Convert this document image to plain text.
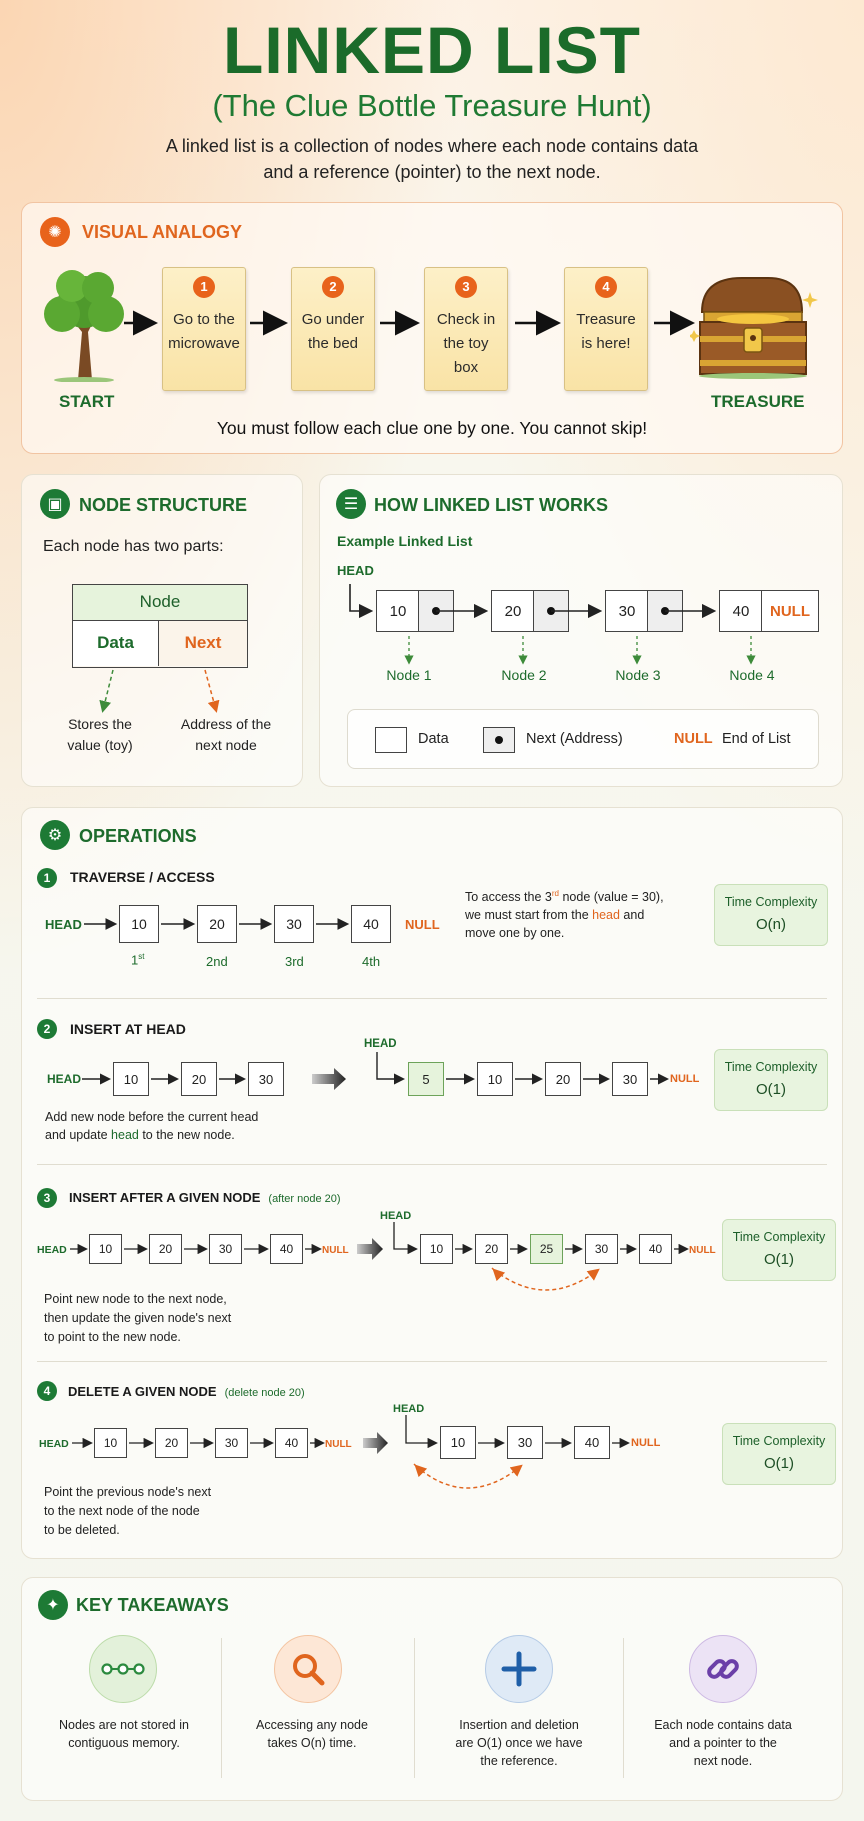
LINKED LIST
(The Clue Bottle Treasure Hunt)
A linked list is a collection of nodes where each node contains data
and a reference (pointer) to the next node.
✺	VISUAL ANALOGY
START
1
Go to the
microwave
2
Go under
the bed
3
Check in
the toy
box
4
Treasure
is here!
TREASURE
You must follow each clue one by one. You cannot skip!
▣ NODE STRUCTURE
Each node has two parts:
Node
Data	Next
Stores the
value (toy)
Address of the
next node
☰ HOW LINKED LIST WORKS
Example Linked List
HEAD
10	20	30	40	NULL
Node 1	Node 2	Node 3	Node 4
Data	Next (Address)	NULL End of List
⚙ OPERATIONS
1	TRAVERSE / ACCESS
HEAD	10	20	30	40	NULL
1st	2nd	3rd	4th
To access the 3rd node (value = 30),
we must start from the head and
move one by one.
Time Complexity
O(n)
2	INSERT AT HEAD
HEAD	10	20	30
HEAD
5	10	20	30	NULL
Add new node before the current head
and update head to the new node.
Time Complexity
O(1)
3	INSERT AFTER A GIVEN NODE (after node 20)
HEAD	10	20	30	40	NULL
HEAD
10	20	25	30	40	NULL
Point new node to the next node,
then update the given node's next
to point to the new node.
Time Complexity
O(1)
4	DELETE A GIVEN NODE (delete node 20)
HEAD	10	20	30	40	NULL
HEAD
10	30	40	NULL
Point the previous node's next
to the next node of the node
to be deleted.
Time Complexity
O(1)
✦ KEY TAKEAWAYS
Nodes are not stored in
contiguous memory.
Accessing any node
takes O(n) time.
Insertion and deletion
are O(1) once we have
the reference.
Each node contains data
and a pointer to the
next node.
